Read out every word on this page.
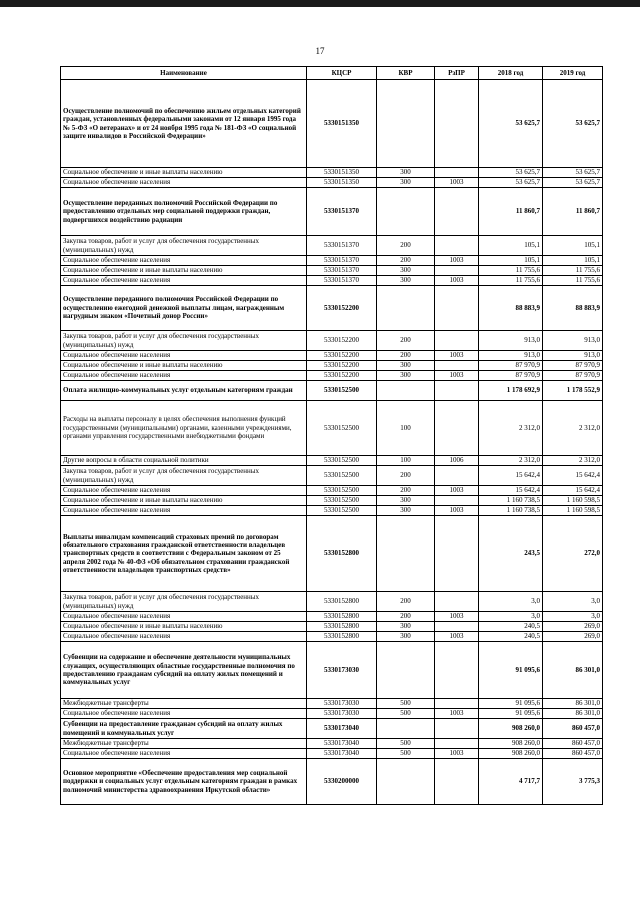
17
Наименование	КЦСР	КВР	РзПР	2018 год	2019 год
Осуществление полномочий по обеспечению жильем отдельных категорий граждан, установленных федеральными законами от 12 января 1995 года № 5-ФЗ «О ветеранах» и от 24 ноября 1995 года № 181-ФЗ «О социальной защите инвалидов в Российской Федерации»	5330151350			53 625,7	53 625,7
Социальное обеспечение и иные выплаты населению	5330151350	300		53 625,7	53 625,7
Социальное обеспечение населения	5330151350	300	1003	53 625,7	53 625,7
Осуществление переданных полномочий Российской Федерации по предоставлению отдельных мер социальной поддержки граждан, подвергшихся воздействию радиации	5330151370			11 860,7	11 860,7
Закупка товаров, работ и услуг для обеспечения государственных (муниципальных) нужд	5330151370	200		105,1	105,1
Социальное обеспечение населения	5330151370	200	1003	105,1	105,1
Социальное обеспечение и иные выплаты населению	5330151370	300		11 755,6	11 755,6
Социальное обеспечение населения	5330151370	300	1003	11 755,6	11 755,6
Осуществление переданного полномочия Российской Федерации по осуществлению ежегодной денежной выплаты лицам, награжденным нагрудным знаком «Почетный донор России»	5330152200			88 883,9	88 883,9
Закупка товаров, работ и услуг для обеспечения государственных (муниципальных) нужд	5330152200	200		913,0	913,0
Социальное обеспечение населения	5330152200	200	1003	913,0	913,0
Социальное обеспечение и иные выплаты населению	5330152200	300		87 970,9	87 970,9
Социальное обеспечение населения	5330152200	300	1003	87 970,9	87 970,9
Оплата жилищно-коммунальных услуг отдельным категориям граждан	5330152500			1 178 692,9	1 178 552,9
Расходы на выплаты персоналу в целях обеспечения выполнения функций государственными (муниципальными) органами, казенными учреждениями, органами управления государственными внебюджетными фондами	5330152500	100		2 312,0	2 312,0
Другие вопросы в области социальной политики	5330152500	100	1006	2 312,0	2 312,0
Закупка товаров, работ и услуг для обеспечения государственных (муниципальных) нужд	5330152500	200		15 642,4	15 642,4
Социальное обеспечение населения	5330152500	200	1003	15 642,4	15 642,4
Социальное обеспечение и иные выплаты населению	5330152500	300		1 160 738,5	1 160 598,5
Социальное обеспечение населения	5330152500	300	1003	1 160 738,5	1 160 598,5
Выплаты инвалидам компенсаций страховых премий по договорам обязательного страхования гражданской ответственности владельцев транспортных средств в соответствии с Федеральным законом от 25 апреля 2002 года № 40-ФЗ «Об обязательном страховании гражданской ответственности владельцев транспортных средств»	5330152800			243,5	272,0
Закупка товаров, работ и услуг для обеспечения государственных (муниципальных) нужд	5330152800	200		3,0	3,0
Социальное обеспечение населения	5330152800	200	1003	3,0	3,0
Социальное обеспечение и иные выплаты населению	5330152800	300		240,5	269,0
Социальное обеспечение населения	5330152800	300	1003	240,5	269,0
Субвенции на содержание и обеспечение деятельности муниципальных служащих, осуществляющих областные государственные полномочия по предоставлению гражданам субсидий на оплату жилых помещений и коммунальных услуг	5330173030			91 095,6	86 301,0
Межбюджетные трансферты	5330173030	500		91 095,6	86 301,0
Социальное обеспечение населения	5330173030	500	1003	91 095,6	86 301,0
Субвенции на предоставление гражданам субсидий на оплату жилых помещений и коммунальных услуг	5330173040			908 260,0	860 457,0
Межбюджетные трансферты	5330173040	500		908 260,0	860 457,0
Социальное обеспечение населения	5330173040	500	1003	908 260,0	860 457,0
Основное мероприятие «Обеспечение предоставления мер социальной поддержки и социальных услуг отдельным категориям граждан в рамках полномочий министерства здравоохранения Иркутской области»	5330200000			4 717,7	3 775,3
